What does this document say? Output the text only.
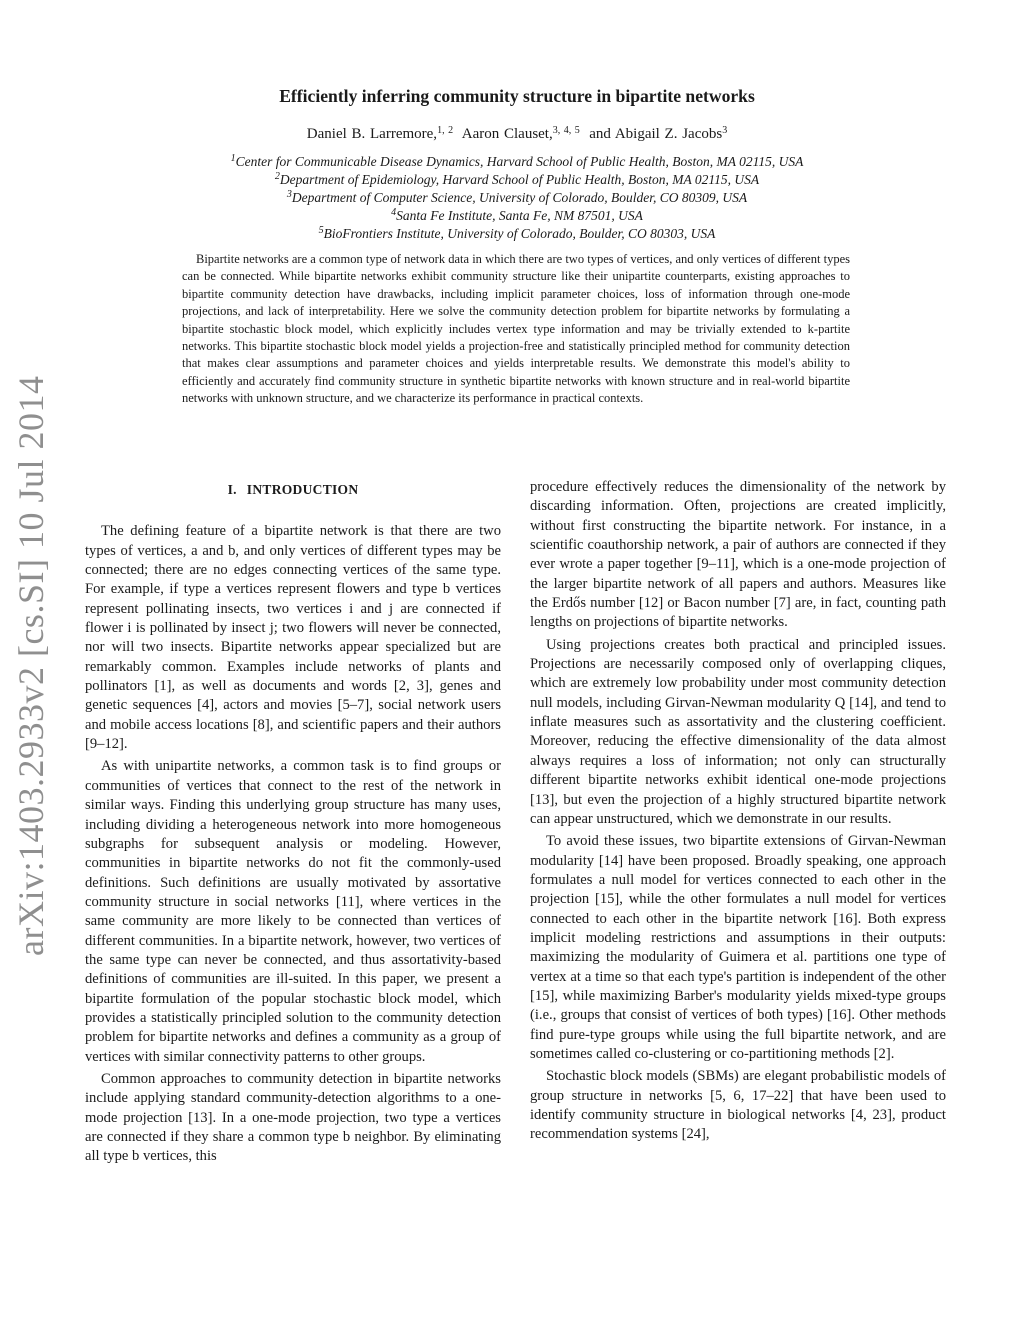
arXiv:1403.2933v2 [cs.SI] 10 Jul 2014
Efficiently inferring community structure in bipartite networks

Daniel B. Larremore,$^{1, 2}$ Aaron Clauset,$^{3, 4, 5}$ and Abigail Z. Jacobs$^3$

$^1$Center for Communicable Disease Dynamics, Harvard School of Public Health, Boston, MA 02115, USA

$^2$Department of Epidemiology, Harvard School of Public Health, Boston, MA 02115, USA

$^3$Department of Computer Science, University of Colorado, Boulder, CO 80309, USA

$^4$Santa Fe Institute, Santa Fe, NM 87501, USA

$^5$BioFrontiers Institute, University of Colorado, Boulder, CO 80303, USA

Bipartite networks are a common type of network data in which there are two types of vertices, and only vertices of different types can be connected. While bipartite networks exhibit community structure like their unipartite counterparts, existing approaches to bipartite community detection have drawbacks, including implicit parameter choices, loss of information through one-mode projections, and lack of interpretability. Here we solve the community detection problem for bipartite networks by formulating a bipartite stochastic block model, which explicitly includes vertex type information and may be trivially extended to k-partite networks. This bipartite stochastic block model yields a projection-free and statistically principled method for community detection that makes clear assumptions and parameter choices and yields interpretable results. We demonstrate this model's ability to efficiently and accurately find community structure in synthetic bipartite networks with known structure and in real-world bipartite networks with unknown structure, and we characterize its performance in practical contexts.

I. INTRODUCTION

The defining feature of a bipartite network is that there are two types of vertices, a and b, and only vertices of different types may be connected; there are no edges connecting vertices of the same type. For example, if type a vertices represent flowers and type b vertices represent pollinating insects, two vertices i and j are connected if flower i is pollinated by insect j; two flowers will never be connected, nor will two insects. Bipartite networks appear specialized but are remarkably common. Examples include networks of plants and pollinators [1], as well as documents and words [2, 3], genes and genetic sequences [4], actors and movies [5–7], social network users and mobile access locations [8], and scientific papers and their authors [9–12].

As with unipartite networks, a common task is to find groups or communities of vertices that connect to the rest of the network in similar ways. Finding this underlying group structure has many uses, including dividing a heterogeneous network into more homogeneous subgraphs for subsequent analysis or modeling. However, communities in bipartite networks do not fit the commonly-used definitions. Such definitions are usually motivated by assortative community structure in social networks [11], where vertices in the same community are more likely to be connected than vertices of different communities. In a bipartite network, however, two vertices of the same type can never be connected, and thus assortativity-based definitions of communities are ill-suited. In this paper, we present a bipartite formulation of the popular stochastic block model, which provides a statistically principled solution to the community detection problem for bipartite networks and defines a community as a group of vertices with similar connectivity patterns to other groups.

Common approaches to community detection in bipartite networks include applying standard community-detection algorithms to a one-mode projection [13]. In a one-mode projection, two type a vertices are connected if they share a common type b neighbor. By eliminating all type b vertices, this

procedure effectively reduces the dimensionality of the network by discarding information. Often, projections are created implicitly, without first constructing the bipartite network. For instance, in a scientific coauthorship network, a pair of authors are connected if they ever wrote a paper together [9–11], which is a one-mode projection of the larger bipartite network of all papers and authors. Measures like the Erdős number [12] or Bacon number [7] are, in fact, counting path lengths on projections of bipartite networks.

Using projections creates both practical and principled issues. Projections are necessarily composed only of overlapping cliques, which are extremely low probability under most community detection null models, including Girvan-Newman modularity Q [14], and tend to inflate measures such as assortativity and the clustering coefficient. Moreover, reducing the effective dimensionality of the data almost always requires a loss of information; not only can structurally different bipartite networks exhibit identical one-mode projections [13], but even the projection of a highly structured bipartite network can appear unstructured, which we demonstrate in our results.

To avoid these issues, two bipartite extensions of Girvan-Newman modularity [14] have been proposed. Broadly speaking, one approach formulates a null model for vertices connected to each other in the projection [15], while the other formulates a null model for vertices connected to each other in the bipartite network [16]. Both express implicit modeling restrictions and assumptions in their outputs: maximizing the modularity of Guimera et al. partitions one type of vertex at a time so that each type's partition is independent of the other [15], while maximizing Barber's modularity yields mixed-type groups (i.e., groups that consist of vertices of both types) [16]. Other methods find pure-type groups while using the full bipartite network, and are sometimes called co-clustering or co-partitioning methods [2].

Stochastic block models (SBMs) are elegant probabilistic models of group structure in networks [5, 6, 17–22] that have been used to identify community structure in biological networks [4, 23], product recommendation systems [24],
